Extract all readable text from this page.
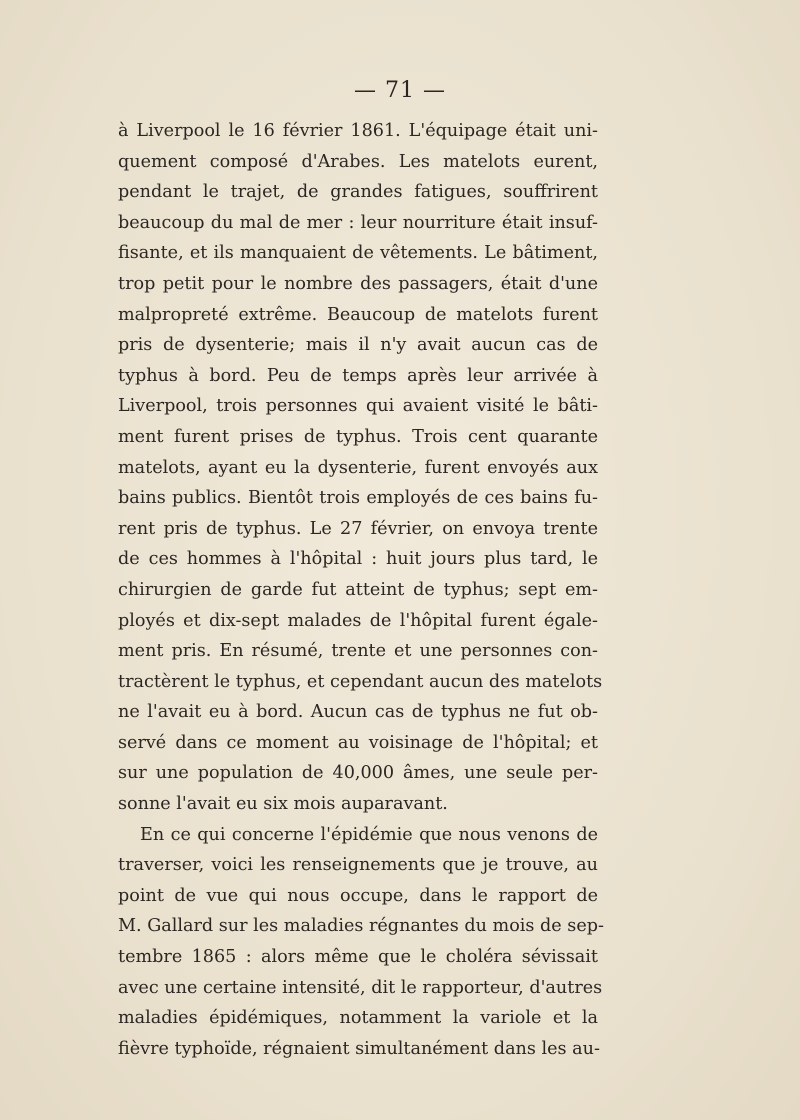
— 71 —
à Liverpool le 16 février 1861. L'équipage était uni-
quement composé d'Arabes. Les matelots eurent,
pendant le trajet, de grandes fatigues, souffrirent
beaucoup du mal de mer : leur nourriture était insuf-
fisante, et ils manquaient de vêtements. Le bâtiment,
trop petit pour le nombre des passagers, était d'une
malpropreté extrême. Beaucoup de matelots furent
pris de dysenterie; mais il n'y avait aucun cas de
typhus à bord. Peu de temps après leur arrivée à
Liverpool, trois personnes qui avaient visité le bâti-
ment furent prises de typhus. Trois cent quarante
matelots, ayant eu la dysenterie, furent envoyés aux
bains publics. Bientôt trois employés de ces bains fu-
rent pris de typhus. Le 27 février, on envoya trente
de ces hommes à l'hôpital : huit jours plus tard, le
chirurgien de garde fut atteint de typhus; sept em-
ployés et dix-sept malades de l'hôpital furent égale-
ment pris. En résumé, trente et une personnes con-
tractèrent le typhus, et cependant aucun des matelots
ne l'avait eu à bord. Aucun cas de typhus ne fut ob-
servé dans ce moment au voisinage de l'hôpital; et
sur une population de 40,000 âmes, une seule per-
sonne l'avait eu six mois auparavant.
En ce qui concerne l'épidémie que nous venons de
traverser, voici les renseignements que je trouve, au
point de vue qui nous occupe, dans le rapport de
M. Gallard sur les maladies régnantes du mois de sep-
tembre 1865 : alors même que le choléra sévissait
avec une certaine intensité, dit le rapporteur, d'autres
maladies épidémiques, notamment la variole et la
fièvre typhoïde, régnaient simultanément dans les au-
